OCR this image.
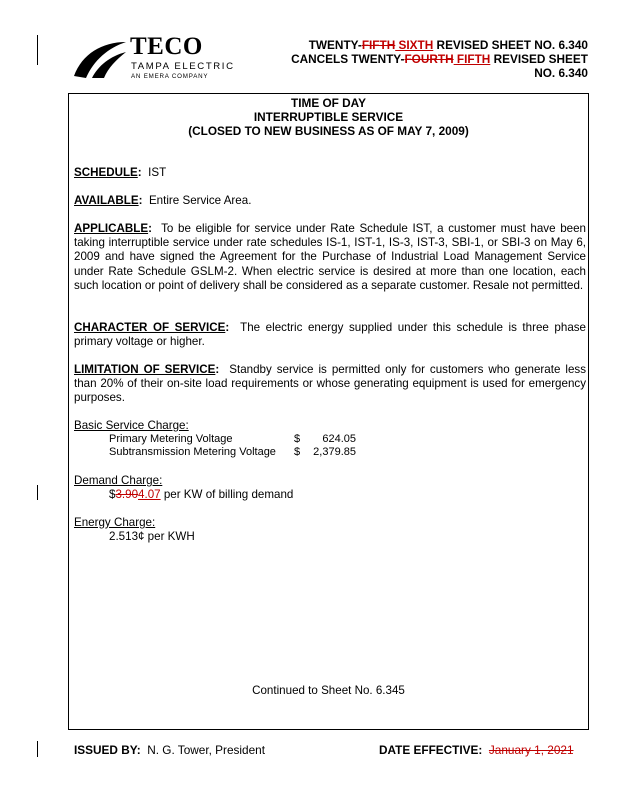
TECO
TAMPA ELECTRIC
AN EMERA COMPANY
TWENTY-FIFTH SIXTH REVISED SHEET NO. 6.340
CANCELS TWENTY-FOURTH FIFTH REVISED SHEET
NO. 6.340
TIME OF DAY
INTERRUPTIBLE SERVICE
(CLOSED TO NEW BUSINESS AS OF MAY 7, 2009)
SCHEDULE: IST
AVAILABLE: Entire Service Area.
APPLICABLE: To be eligible for service under Rate Schedule IST, a customer must have been taking interruptible service under rate schedules IS-1, IST-1, IS-3, IST-3, SBI-1, or SBI-3 on May 6, 2009 and have signed the Agreement for the Purchase of Industrial Load Management Service under Rate Schedule GSLM-2. When electric service is desired at more than one location, each such location or point of delivery shall be considered as a separate customer. Resale not permitted.
CHARACTER OF SERVICE: The electric energy supplied under this schedule is three phase primary voltage or higher.
LIMITATION OF SERVICE: Standby service is permitted only for customers who generate less than 20% of their on-site load requirements or whose generating equipment is used for emergency purposes.
Basic Service Charge:
Primary Metering Voltage	$ 624.05
Subtransmission Metering Voltage $ 2,379.85
Demand Charge:
$3.904.07 per KW of billing demand
Energy Charge:
2.513¢ per KWH
Continued to Sheet No. 6.345
ISSUED BY: N. G. Tower, President	DATE EFFECTIVE: January 1, 2021
